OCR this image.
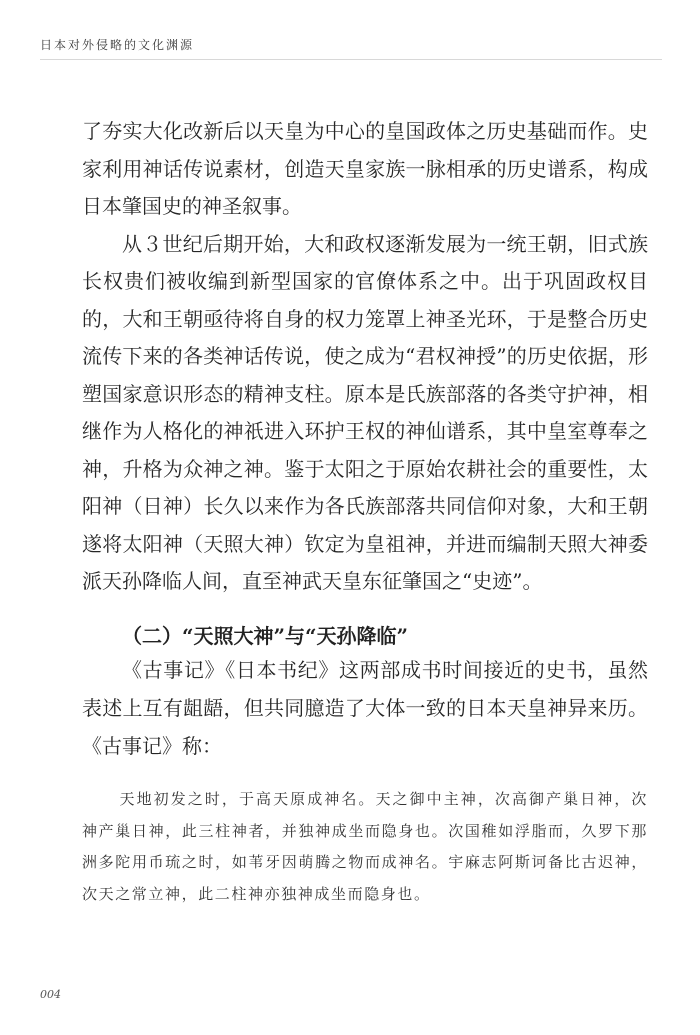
日本对外侵略的文化渊源

了夯实大化改新后以天皇为中心的皇国政体之历史基础而作。史家利用神话传说素材，创造天皇家族一脉相承的历史谱系，构成日本肇国史的神圣叙事。

从３世纪后期开始，大和政权逐渐发展为一统王朝，旧式族长权贵们被收编到新型国家的官僚体系之中。出于巩固政权目的，大和王朝亟待将自身的权力笼罩上神圣光环，于是整合历史流传下来的各类神话传说，使之成为“君权神授”的历史依据，形塑国家意识形态的精神支柱。原本是氏族部落的各类守护神，相继作为人格化的神祇进入环护王权的神仙谱系，其中皇室尊奉之神，升格为众神之神。鉴于太阳之于原始农耕社会的重要性，太阳神（日神）长久以来作为各氏族部落共同信仰对象，大和王朝遂将太阳神（天照大神）钦定为皇祖神，并进而编制天照大神委派天孙降临人间，直至神武天皇东征肇国之“史迹”。

（二）“天照大神”与“天孙降临”

《古事记》《日本书纪》这两部成书时间接近的史书，虽然表述上互有龃龉，但共同臆造了大体一致的日本天皇神异来历。《古事记》称：

天地初发之时，于高天原成神名。天之御中主神，次高御产巢日神，次神产巢日神，此三柱神者，并独神成坐而隐身也。次国稚如浮脂而，久罗下那洲多陀用币琉之时，如苇牙因萌腾之物而成神名。宇麻志阿斯诃备比古迟神，次天之常立神，此二柱神亦独神成坐而隐身也。
004
